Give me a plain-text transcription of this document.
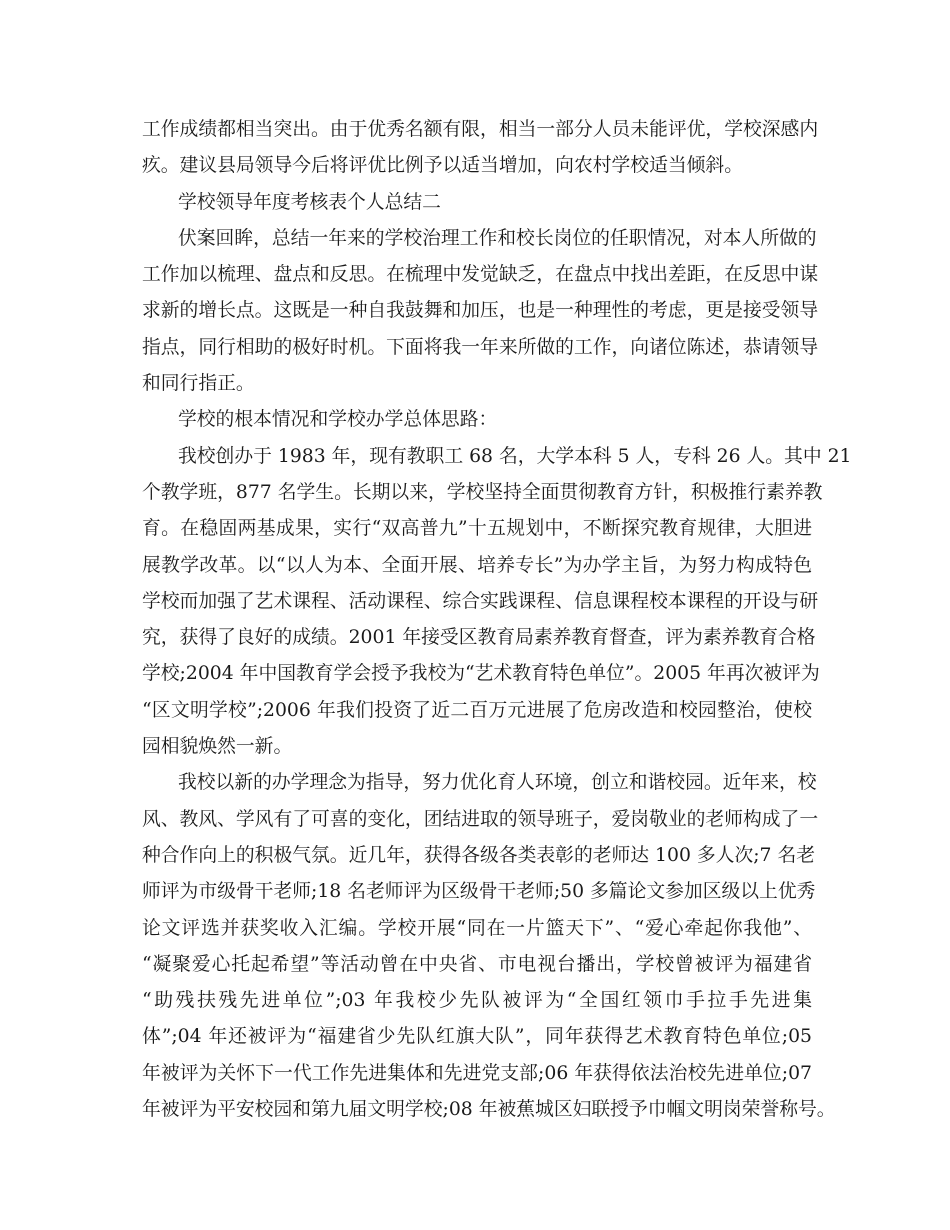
工作成绩都相当突出。由于优秀名额有限，相当一部分人员未能评优，学校深感内
疚。建议县局领导今后将评优比例予以适当增加，向农村学校适当倾斜。

学校领导年度考核表个人总结二

伏案回眸，总结一年来的学校治理工作和校长岗位的任职情况，对本人所做的
工作加以梳理、盘点和反思。在梳理中发觉缺乏，在盘点中找出差距，在反思中谋
求新的增长点。这既是一种自我鼓舞和加压，也是一种理性的考虑，更是接受领导
指点，同行相助的极好时机。下面将我一年来所做的工作，向诸位陈述，恭请领导
和同行指正。

学校的根本情况和学校办学总体思路：

我校创办于 1983 年，现有教职工 68 名，大学本科 5 人，专科 26 人。其中 21
个教学班，877 名学生。长期以来，学校坚持全面贯彻教育方针，积极推行素养教
育。在稳固两基成果，实行“双高普九”十五规划中，不断探究教育规律，大胆进
展教学改革。以“以人为本、全面开展、培养专长”为办学主旨，为努力构成特色
学校而加强了艺术课程、活动课程、综合实践课程、信息课程校本课程的开设与研
究，获得了良好的成绩。2001 年接受区教育局素养教育督查，评为素养教育合格
学校;2004 年中国教育学会授予我校为“艺术教育特色单位”。2005 年再次被评为
“区文明学校”;2006 年我们投资了近二百万元进展了危房改造和校园整治，使校
园相貌焕然一新。

我校以新的办学理念为指导，努力优化育人环境，创立和谐校园。近年来，校
风、教风、学风有了可喜的变化，团结进取的领导班子，爱岗敬业的老师构成了一
种合作向上的积极气氛。近几年，获得各级各类表彰的老师达 100 多人次;7 名老
师评为市级骨干老师;18 名老师评为区级骨干老师;50 多篇论文参加区级以上优秀
论文评选并获奖收入汇编。学校开展“同在一片篮天下”、“爱心牵起你我他”、
“凝聚爱心托起希望”等活动曾在中央省、市电视台播出，学校曾被评为福建省
“助残扶残先进单位”;03 年我校少先队被评为“全国红领巾手拉手先进集
体”;04 年还被评为“福建省少先队红旗大队”，同年获得艺术教育特色单位;05
年被评为关怀下一代工作先进集体和先进党支部;06 年获得依法治校先进单位;07
年被评为平安校园和第九届文明学校;08 年被蕉城区妇联授予巾帼文明岗荣誉称号。
